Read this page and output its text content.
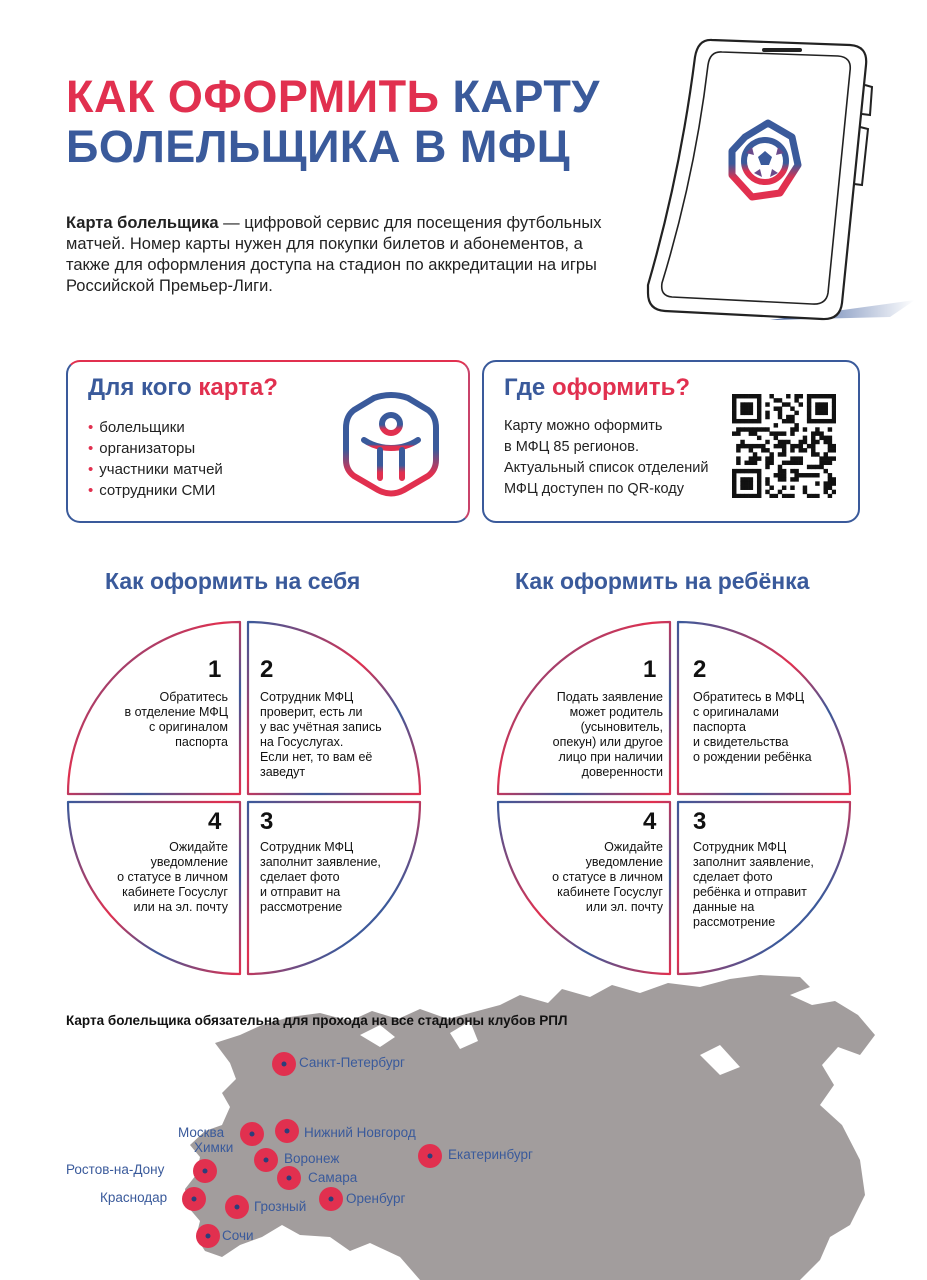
КАК ОФОРМИТЬ КАРТУ
БОЛЕЛЬЩИКА В МФЦ
Карта болельщика — цифровой сервис для посещения футбольных матчей. Номер карты нужен для покупки билетов и абонементов, а также для оформления доступа на стадион по аккредитации на игры Российской Премьер-Лиги.
Для кого карта?
• болельщики
• организаторы
• участники матчей
• сотрудники СМИ
Где оформить?
Карту можно оформить
в МФЦ 85 регионов.
Актуальный список отделений
МФЦ доступен по QR-коду
Как оформить на себя	Как оформить на ребёнка
1
Обратитесь
в отделение МФЦ
с оригиналом
паспорта
2
Сотрудник МФЦ
проверит, есть ли
у вас учётная запись
на Госуслугах.
Если нет, то вам её
заведут
4
Ожидайте
уведомление
о статусе в личном
кабинете Госуслуг
или на эл. почту
3
Сотрудник МФЦ
заполнит заявление,
сделает фото
и отправит на
рассмотрение
1
Подать заявление
может родитель
(усыновитель,
опекун) или другое
лицо при наличии
доверенности
2
Обратитесь в МФЦ
с оригиналами
паспорта
и свидетельства
о рождении ребёнка
4
Ожидайте
уведомление
о статусе в личном
кабинете Госуслуг
или эл. почту
3
Сотрудник МФЦ
заполнит заявление,
сделает фото
ребёнка и отправит
данные на
рассмотрение
Карта болельщика обязательна для прохода на все стадионы клубов РПЛ
Санкт-Петербург
Москва
Химки
Нижний Новгород
Екатеринбург
Ростов-на-Дону
Воронеж
Самара
Краснодар	Оренбург
Грозный
Сочи
